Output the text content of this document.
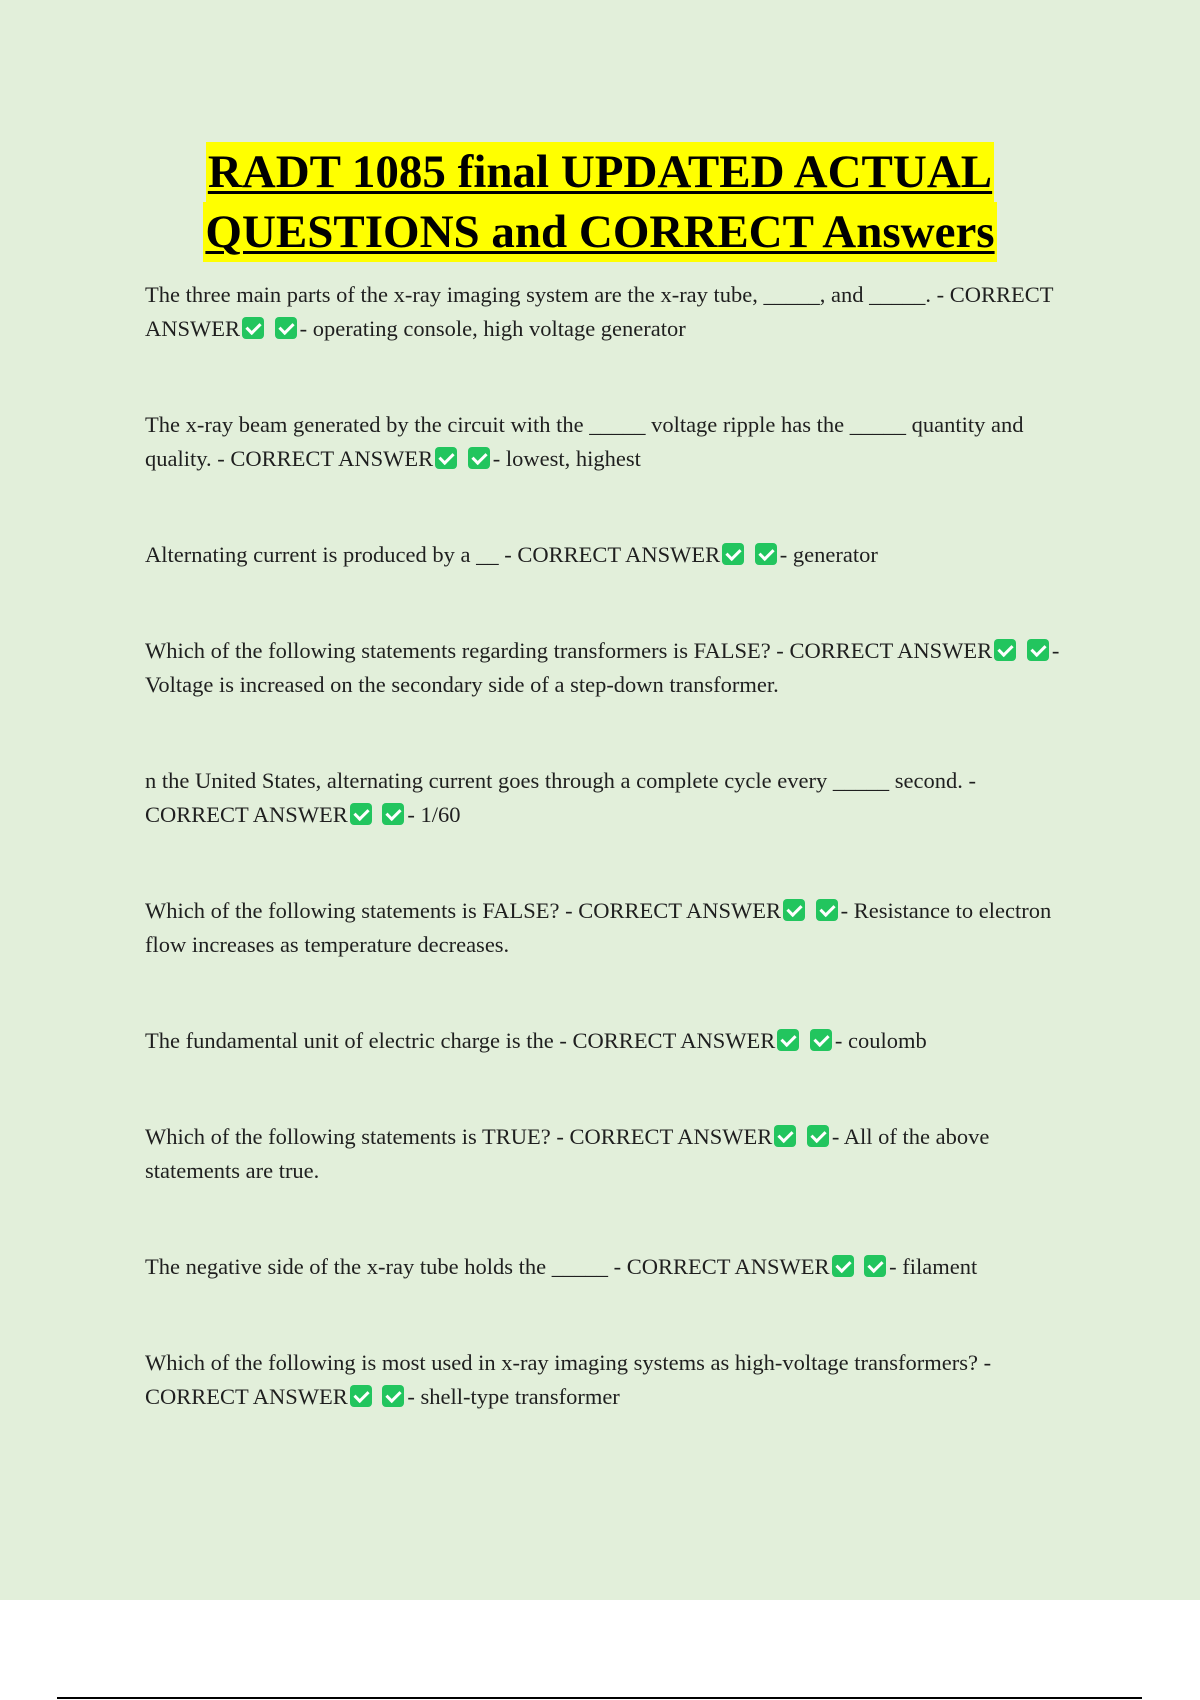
RADT 1085 final UPDATED ACTUAL
QUESTIONS and CORRECT Answers

The three main parts of the x-ray imaging system are the x-ray tube, _____, and _____. - CORRECT ANSWER	- operating console, high voltage generator

The x-ray beam generated by the circuit with the _____ voltage ripple has the _____ quantity and quality. - CORRECT ANSWER	- lowest, highest

Alternating current is produced by a __ - CORRECT ANSWER	- generator

Which of the following statements regarding transformers is FALSE? - CORRECT ANSWER	- Voltage is increased on the secondary side of a step-down transformer.

n the United States, alternating current goes through a complete cycle every _____ second. - CORRECT ANSWER	- 1/60

Which of the following statements is FALSE? - CORRECT ANSWER	- Resistance to electron flow increases as temperature decreases.

The fundamental unit of electric charge is the - CORRECT ANSWER	- coulomb

Which of the following statements is TRUE? - CORRECT ANSWER	- All of the above statements are true.

The negative side of the x-ray tube holds the _____ - CORRECT ANSWER	- filament

Which of the following is most used in x-ray imaging systems as high-voltage transformers? - CORRECT ANSWER	- shell-type transformer
